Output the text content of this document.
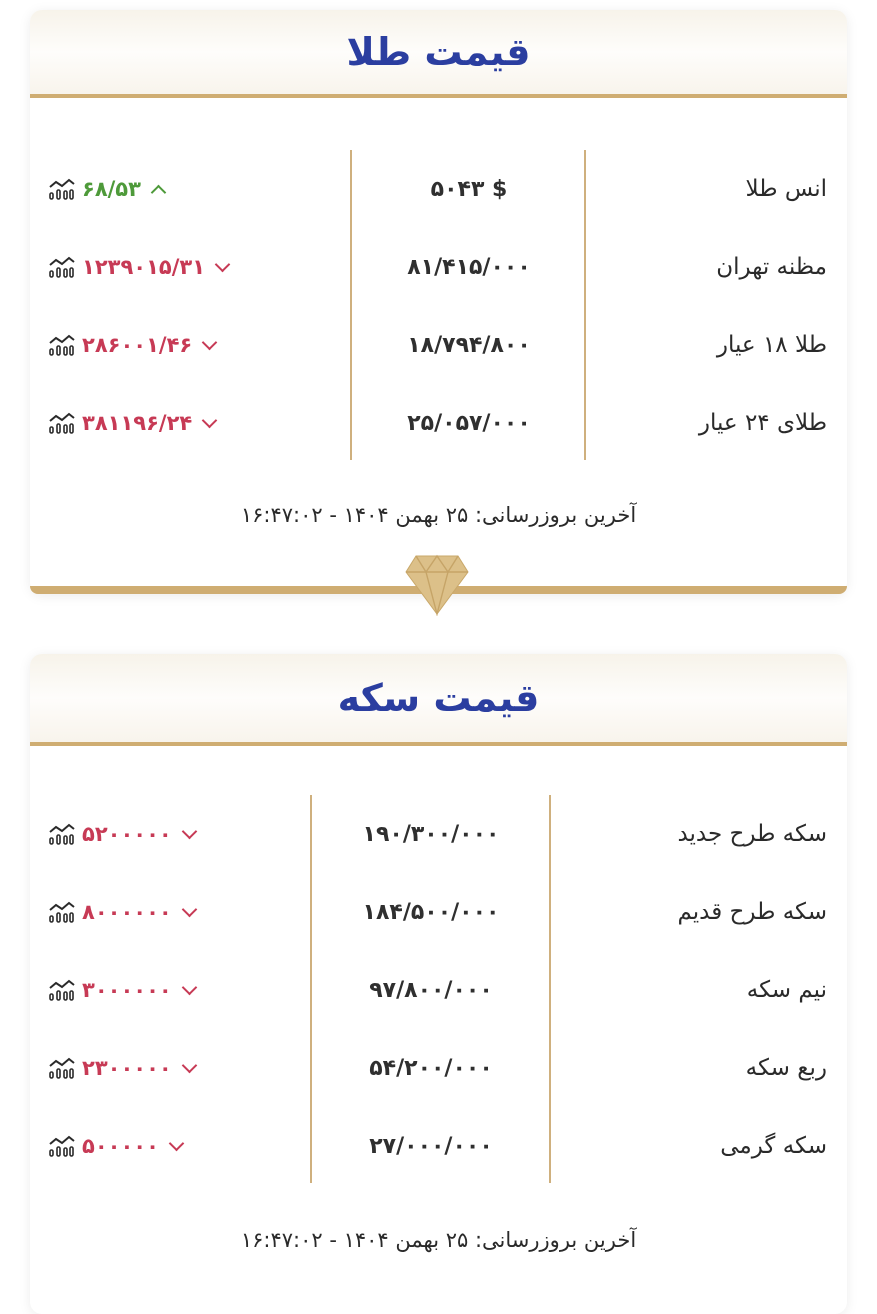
قیمت طلا
انس طلا
۵۰۴۳ $
۶۸/۵۳
مظنه تهران
۸۱/۴۱۵/۰۰۰
۱۲۳۹۰۱۵/۳۱
طلا ۱۸ عیار
۱۸/۷۹۴/۸۰۰
۲۸۶۰۰۱/۴۶
طلای ۲۴ عیار
۲۵/۰۵۷/۰۰۰
۳۸۱۱۹۶/۲۴
آخرین بروزرسانی: ۲۵ بهمن ۱۴۰۴ - ۱۶:۴۷:۰۲
قیمت سکه
سکه طرح جدید
۱۹۰/۳۰۰/۰۰۰
۵۲۰۰۰۰۰
سکه طرح قدیم
۱۸۴/۵۰۰/۰۰۰
۸۰۰۰۰۰۰
نیم سکه
۹۷/۸۰۰/۰۰۰
۳۰۰۰۰۰۰
ربع سکه
۵۴/۲۰۰/۰۰۰
۲۳۰۰۰۰۰
سکه گرمی
۲۷/۰۰۰/۰۰۰
۵۰۰۰۰۰
آخرین بروزرسانی: ۲۵ بهمن ۱۴۰۴ - ۱۶:۴۷:۰۲
